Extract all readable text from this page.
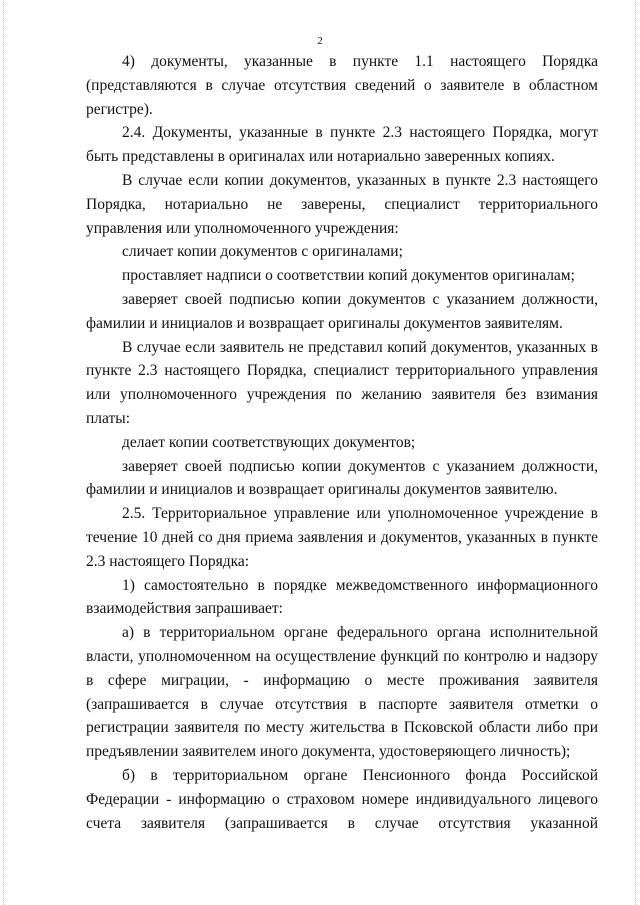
2

4) документы, указанные в пункте 1.1 настоящего Порядка (представляются в случае отсутствия сведений о заявителе в областном регистре).

2.4. Документы, указанные в пункте 2.3 настоящего Порядка, могут быть представлены в оригиналах или нотариально заверенных копиях.

В случае если копии документов, указанных в пункте 2.3 настоящего Порядка, нотариально не заверены, специалист территориального управления или уполномоченного учреждения:

сличает копии документов с оригиналами;

проставляет надписи о соответствии копий документов оригиналам;

заверяет своей подписью копии документов с указанием должности, фамилии и инициалов и возвращает оригиналы документов заявителям.

В случае если заявитель не представил копий документов, указанных в пункте 2.3 настоящего Порядка, специалист территориального управления или уполномоченного учреждения по желанию заявителя без взимания платы:

делает копии соответствующих документов;

заверяет своей подписью копии документов с указанием должности, фамилии и инициалов и возвращает оригиналы документов заявителю.

2.5. Территориальное управление или уполномоченное учреждение в течение 10 дней со дня приема заявления и документов, указанных в пункте 2.3 настоящего Порядка:

1) самостоятельно в порядке межведомственного информационного взаимодействия запрашивает:

а) в территориальном органе федерального органа исполнительной власти, уполномоченном на осуществление функций по контролю и надзору в сфере миграции, - информацию о месте проживания заявителя (запрашивается в случае отсутствия в паспорте заявителя отметки о регистрации заявителя по месту жительства в Псковской области либо при предъявлении заявителем иного документа, удостоверяющего личность);

б) в территориальном органе Пенсионного фонда Российской Федерации - информацию о страховом номере индивидуального лицевого счета заявителя (запрашивается в случае отсутствия указанной
